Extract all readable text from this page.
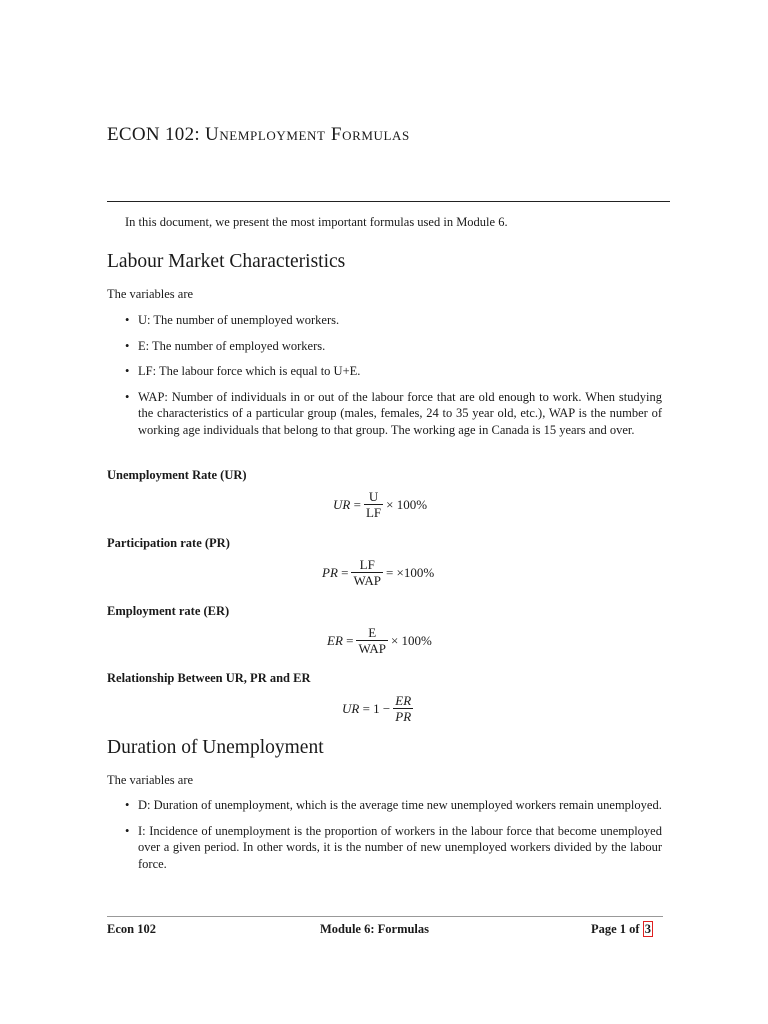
ECON 102: Unemployment Formulas
In this document, we present the most important formulas used in Module 6.
Labour Market Characteristics
The variables are
• U: The number of unemployed workers.
• E: The number of employed workers.
• LF: The labour force which is equal to U+E.
• WAP: Number of individuals in or out of the labour force that are old enough to work. When studying the characteristics of a particular group (males, females, 24 to 35 year old, etc.), WAP is the number of working age individuals that belong to that group. The working age in Canada is 15 years and over.
Unemployment Rate (UR)
UR = $\frac{U}{LF} \times 100\%$
Participation rate (PR)
PR = $\frac{LF}{\text{WAP}} = \times 100\%$
Employment rate (ER)
ER = $\frac{E}{\text{WAP}} \times 100\%$
Relationship Between UR, PR and ER
UR
= $1 - \frac{ER}{PR}$
Duration of Unemployment
The variables are
• D: Duration of unemployment, which is the average time new unemployed workers remain unemployed.
• I: Incidence of unemployment is the proportion of workers in the labour force that become unemployed over a given period. In other words, it is the number of new unemployed workers divided by the labour force.
Econ 102	Module 6: Formulas	Page 1 of 3
